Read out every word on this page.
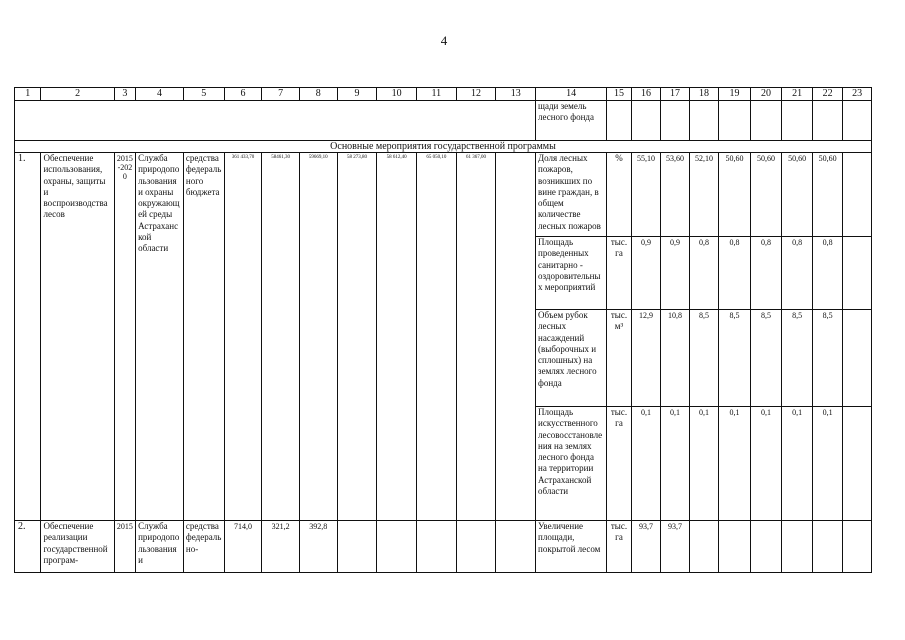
4
1	2	3	4	5	6	7	8	9	10	11	12	13	14	15	16	17	18	19	20	21	22	23
													щади земель лесного фонда									
Основные мероприятия государственной программы																						
1.	Обеспечение использования, охраны, защиты и воспроизводства лесов	2015-2020	Служба природопользования и охраны окружающей среды Астраханской области	средства федерального бюджета	361 433,70	58461,30	59669,10	58 273,80	58 612,40	65 050,10	61 367,00		Доля лесных пожаров, возникших по вине граждан, в общем количестве лесных пожаров	%	55,10	53,60	52,10	50,60	50,60	50,60	50,60	
													Площадь проведенных санитарно - оздоровительных мероприятий	тыс. га	0,9	0,9	0,8	0,8	0,8	0,8	0,8	
													Объем рубок лесных насаждений (выборочных и сплошных) на землях лесного фонда	тыс. м³	12,9	10,8	8,5	8,5	8,5	8,5	8,5	
													Площадь искусственного лесовосстановления на землях лесного фонда на территории Астраханской области	тыс. га	0,1	0,1	0,1	0,1	0,1	0,1	0,1	
2.	Обеспечение реализации государственной програм-	2015	Служба природопользования и	средства федерально-	714,0	321,2	392,8						Увеличение площади, покрытой лесом	тыс. га	93,7	93,7						
